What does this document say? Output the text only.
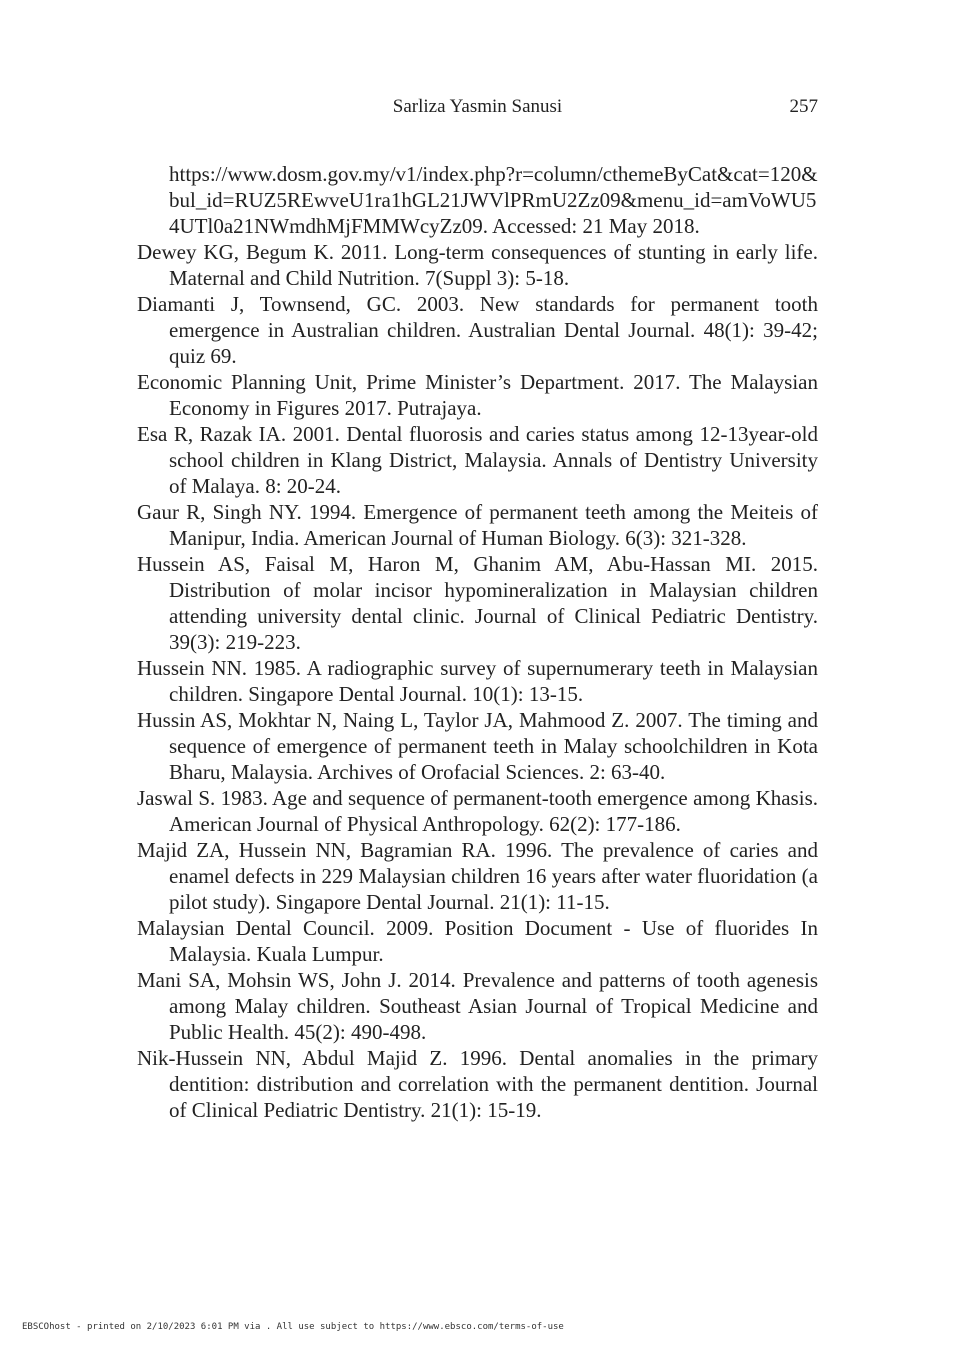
Sarliza Yasmin Sanusi	257
https://www.dosm.gov.my/v1/index.php?r=column/cthemeByCat&cat=120&bul_id=RUZ5REwveU1ra1hGL21JWVlPRmU2Zz09&menu_id=amVoWU54UTl0a21NWmdhMjFMMWcyZz09. Accessed: 21 May 2018.
Dewey KG, Begum K. 2011. Long-term consequences of stunting in early life. Maternal and Child Nutrition. 7(Suppl 3): 5-18.
Diamanti J, Townsend, GC. 2003. New standards for permanent tooth emergence in Australian children. Australian Dental Journal. 48(1): 39-42; quiz 69.
Economic Planning Unit, Prime Minister’s Department. 2017. The Malaysian Economy in Figures 2017. Putrajaya.
Esa R, Razak IA. 2001. Dental fluorosis and caries status among 12-13year-old school children in Klang District, Malaysia. Annals of Dentistry University of Malaya. 8: 20-24.
Gaur R, Singh NY. 1994. Emergence of permanent teeth among the Meiteis of Manipur, India. American Journal of Human Biology. 6(3): 321-328.
Hussein AS, Faisal M, Haron M, Ghanim AM, Abu-Hassan MI. 2015. Distribution of molar incisor hypomineralization in Malaysian children attending university dental clinic. Journal of Clinical Pediatric Dentistry. 39(3): 219-223.
Hussein NN. 1985. A radiographic survey of supernumerary teeth in Malaysian children. Singapore Dental Journal. 10(1): 13-15.
Hussin AS, Mokhtar N, Naing L, Taylor JA, Mahmood Z. 2007. The timing and sequence of emergence of permanent teeth in Malay schoolchildren in Kota Bharu, Malaysia. Archives of Orofacial Sciences. 2: 63-40.
Jaswal S. 1983. Age and sequence of permanent-tooth emergence among Khasis. American Journal of Physical Anthropology. 62(2): 177-186.
Majid ZA, Hussein NN, Bagramian RA. 1996. The prevalence of caries and enamel defects in 229 Malaysian children 16 years after water fluoridation (a pilot study). Singapore Dental Journal. 21(1): 11-15.
Malaysian Dental Council. 2009. Position Document - Use of fluorides In Malaysia. Kuala Lumpur.
Mani SA, Mohsin WS, John J. 2014. Prevalence and patterns of tooth agenesis among Malay children. Southeast Asian Journal of Tropical Medicine and Public Health. 45(2): 490-498.
Nik-Hussein NN, Abdul Majid Z. 1996. Dental anomalies in the primary dentition: distribution and correlation with the permanent dentition. Journal of Clinical Pediatric Dentistry. 21(1): 15-19.
EBSCOhost - printed on 2/10/2023 6:01 PM via . All use subject to https://www.ebsco.com/terms-of-use
